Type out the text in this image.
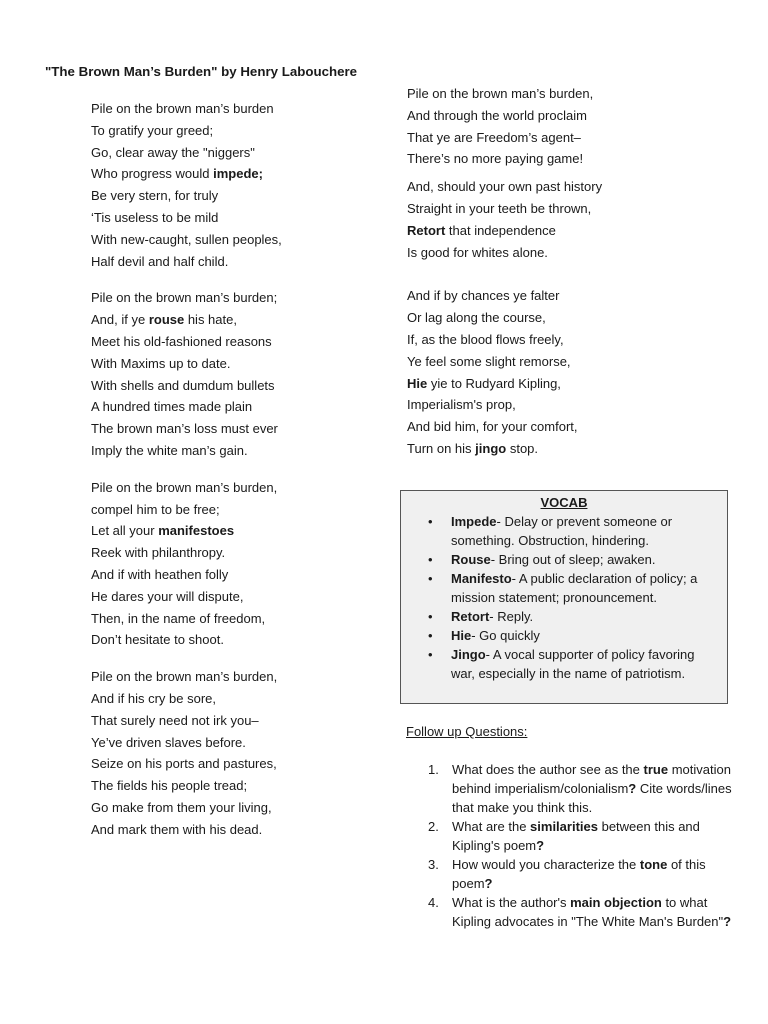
"The Brown Man’s Burden" by Henry Labouchere
Pile on the brown man’s burden
To gratify your greed;
Go, clear away the "niggers"
Who progress would impede;
Be very stern, for truly
‘Tis useless to be mild
With new-caught, sullen peoples,
Half devil and half child.
Pile on the brown man’s burden;
And, if ye rouse his hate,
Meet his old-fashioned reasons
With Maxims up to date.
With shells and dumdum bullets
A hundred times made plain
The brown man’s loss must ever
Imply the white man’s gain.
Pile on the brown man’s burden,
compel him to be free;
Let all your manifestoes
Reek with philanthropy.
And if with heathen folly
He dares your will dispute,
Then, in the name of freedom,
Don’t hesitate to shoot.
Pile on the brown man’s burden,
And if his cry be sore,
That surely need not irk you–
Ye’ve driven slaves before.
Seize on his ports and pastures,
The fields his people tread;
Go make from them your living,
And mark them with his dead.
Pile on the brown man’s burden,
And through the world proclaim
That ye are Freedom’s agent–
There’s no more paying game!
And, should your own past history
Straight in your teeth be thrown,
Retort that independence
Is good for whites alone.
And if by chances ye falter
Or lag along the course,
If, as the blood flows freely,
Ye feel some slight remorse,
Hie yie to Rudyard Kipling,
Imperialism's prop,
And bid him, for your comfort,
Turn on his jingo stop.
VOCAB
• Impede- Delay or prevent someone or something. Obstruction, hindering.
• Rouse- Bring out of sleep; awaken.
• Manifesto- A public declaration of policy; a mission statement; pronouncement.
• Retort- Reply.
• Hie- Go quickly
• Jingo- A vocal supporter of policy favoring war, especially in the name of patriotism.
Follow up Questions:
1. What does the author see as the true motivation behind imperialism/colonialism? Cite words/lines that make you think this.
2. What are the similarities between this and Kipling's poem?
3. How would you characterize the tone of this poem?
4. What is the author's main objection to what Kipling advocates in "The White Man's Burden"?
